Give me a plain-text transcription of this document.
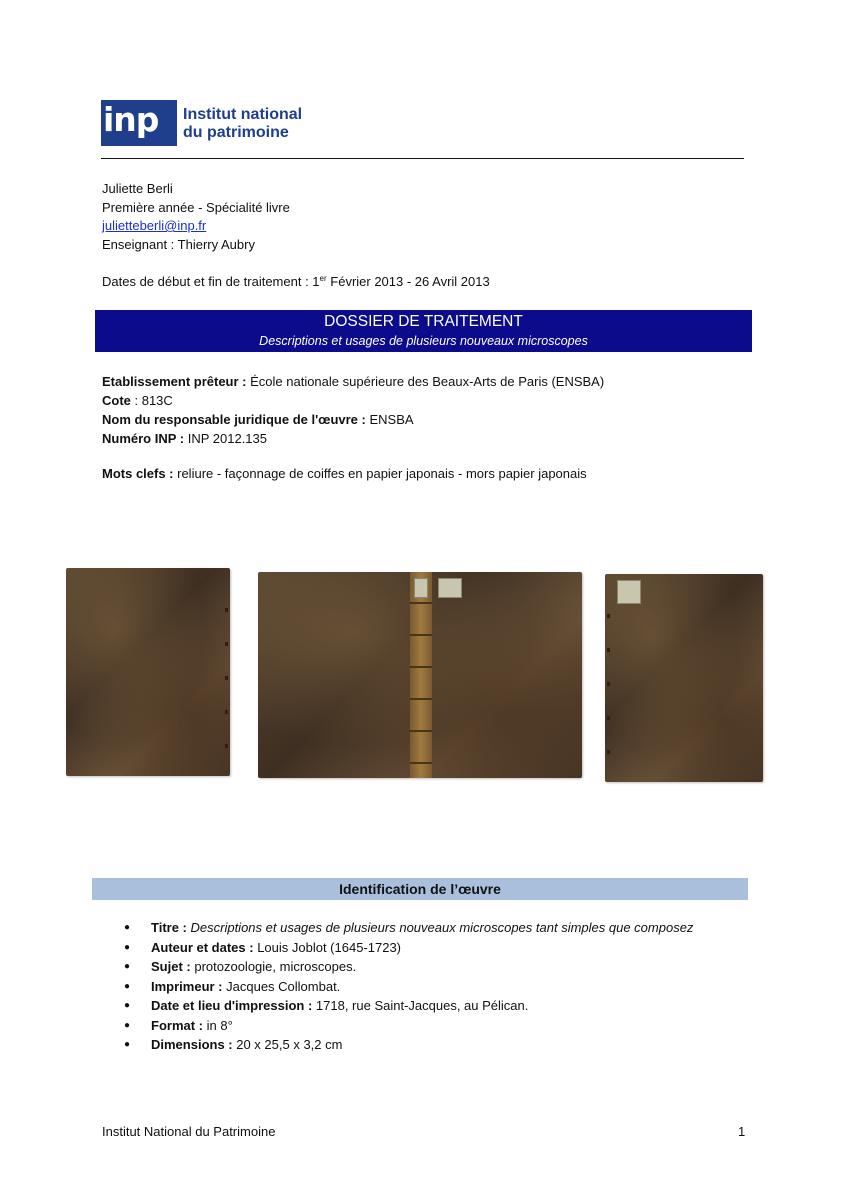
inp	Institut national
du patrimoine
Juliette Berli
Première année - Spécialité livre
julietteberli@inp.fr
Enseignant : Thierry Aubry
Dates de début et fin de traitement : 1er Février 2013 - 26 Avril 2013
DOSSIER DE TRAITEMENT
Descriptions et usages de plusieurs nouveaux microscopes
Etablissement prêteur : École nationale supérieure des Beaux-Arts de Paris (ENSBA)
Cote : 813C
Nom du responsable juridique de l'œuvre : ENSBA
Numéro INP : INP 2012.135
Mots clefs : reliure - façonnage de coiffes en papier japonais - mors papier japonais
Identification de l’œuvre
● Titre : Descriptions et usages de plusieurs nouveaux microscopes tant simples que composez
● Auteur et dates : Louis Joblot (1645-1723)
● Sujet : protozoologie, microscopes.
● Imprimeur : Jacques Collombat.
● Date et lieu d'impression : 1718, rue Saint-Jacques, au Pélican.
● Format : in 8°
● Dimensions : 20 x 25,5 x 3,2 cm
Institut National du Patrimoine	1
